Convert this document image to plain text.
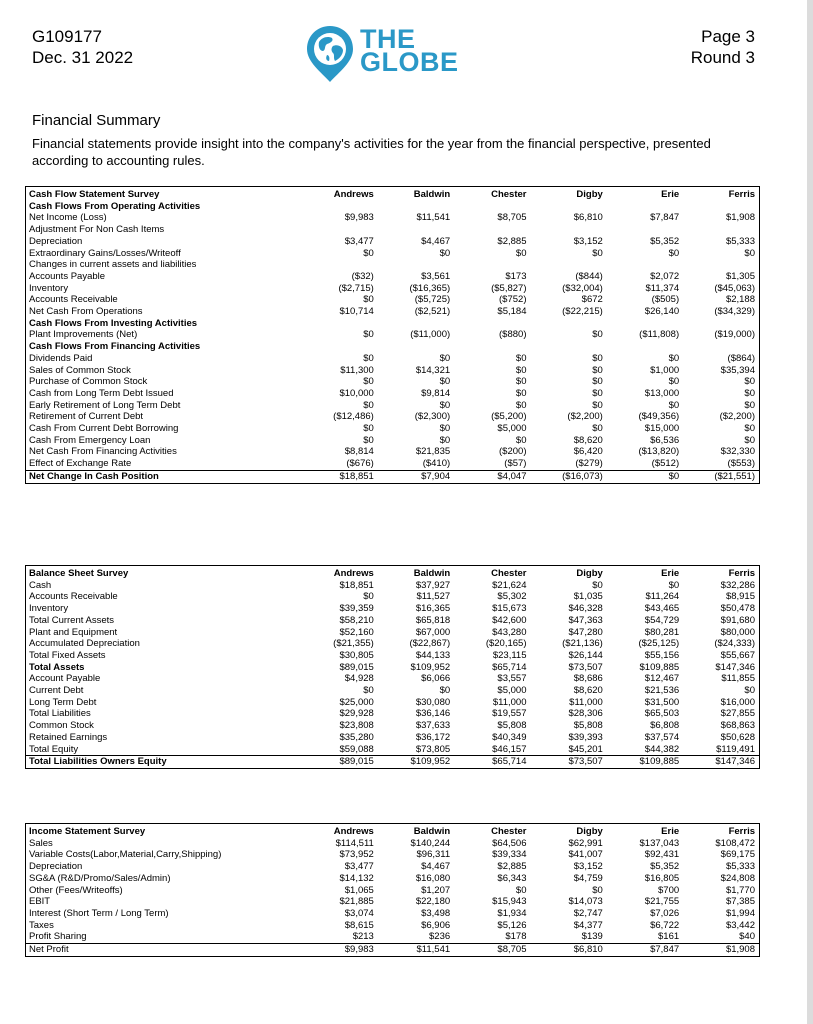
G109177
Dec. 31 2022
THE
GLOBE
Page 3
Round 3
Financial Summary
Financial statements provide insight into the company's activities for the year from the financial perspective, presented according to accounting rules.
Cash Flow Statement Survey	Andrews	Baldwin	Chester	Digby	Erie	Ferris
Cash Flows From Operating Activities						
Net Income (Loss)	$9,983	$11,541	$8,705	$6,810	$7,847	$1,908
Adjustment For Non Cash Items						
Depreciation	$3,477	$4,467	$2,885	$3,152	$5,352	$5,333
Extraordinary Gains/Losses/Writeoff	$0	$0	$0	$0	$0	$0
Changes in current assets and liabilities						
Accounts Payable	($32)	$3,561	$173	($844)	$2,072	$1,305
Inventory	($2,715)	($16,365)	($5,827)	($32,004)	$11,374	($45,063)
Accounts Receivable	$0	($5,725)	($752)	$672	($505)	$2,188
Net Cash From Operations	$10,714	($2,521)	$5,184	($22,215)	$26,140	($34,329)
Cash Flows From Investing Activities						
Plant Improvements (Net)	$0	($11,000)	($880)	$0	($11,808)	($19,000)
Cash Flows From Financing Activities						
Dividends Paid	$0	$0	$0	$0	$0	($864)
Sales of Common Stock	$11,300	$14,321	$0	$0	$1,000	$35,394
Purchase of Common Stock	$0	$0	$0	$0	$0	$0
Cash from Long Term Debt Issued	$10,000	$9,814	$0	$0	$13,000	$0
Early Retirement of Long Term Debt	$0	$0	$0	$0	$0	$0
Retirement of Current Debt	($12,486)	($2,300)	($5,200)	($2,200)	($49,356)	($2,200)
Cash From Current Debt Borrowing	$0	$0	$5,000	$0	$15,000	$0
Cash From Emergency Loan	$0	$0	$0	$8,620	$6,536	$0
Net Cash From Financing Activities	$8,814	$21,835	($200)	$6,420	($13,820)	$32,330
Effect of Exchange Rate	($676)	($410)	($57)	($279)	($512)	($553)
Net Change In Cash Position	$18,851	$7,904	$4,047	($16,073)	$0	($21,551)
Balance Sheet Survey	Andrews	Baldwin	Chester	Digby	Erie	Ferris
Cash	$18,851	$37,927	$21,624	$0	$0	$32,286
Accounts Receivable	$0	$11,527	$5,302	$1,035	$11,264	$8,915
Inventory	$39,359	$16,365	$15,673	$46,328	$43,465	$50,478
Total Current Assets	$58,210	$65,818	$42,600	$47,363	$54,729	$91,680
Plant and Equipment	$52,160	$67,000	$43,280	$47,280	$80,281	$80,000
Accumulated Depreciation	($21,355)	($22,867)	($20,165)	($21,136)	($25,125)	($24,333)
Total Fixed Assets	$30,805	$44,133	$23,115	$26,144	$55,156	$55,667
Total Assets	$89,015	$109,952	$65,714	$73,507	$109,885	$147,346
Account Payable	$4,928	$6,066	$3,557	$8,686	$12,467	$11,855
Current Debt	$0	$0	$5,000	$8,620	$21,536	$0
Long Term Debt	$25,000	$30,080	$11,000	$11,000	$31,500	$16,000
Total Liabilities	$29,928	$36,146	$19,557	$28,306	$65,503	$27,855
Common Stock	$23,808	$37,633	$5,808	$5,808	$6,808	$68,863
Retained Earnings	$35,280	$36,172	$40,349	$39,393	$37,574	$50,628
Total Equity	$59,088	$73,805	$46,157	$45,201	$44,382	$119,491
Total Liabilities Owners Equity	$89,015	$109,952	$65,714	$73,507	$109,885	$147,346
Income Statement Survey	Andrews	Baldwin	Chester	Digby	Erie	Ferris
Sales	$114,511	$140,244	$64,506	$62,991	$137,043	$108,472
Variable Costs(Labor,Material,Carry,Shipping)	$73,952	$96,311	$39,334	$41,007	$92,431	$69,175
Depreciation	$3,477	$4,467	$2,885	$3,152	$5,352	$5,333
SG&A (R&D/Promo/Sales/Admin)	$14,132	$16,080	$6,343	$4,759	$16,805	$24,808
Other (Fees/Writeoffs)	$1,065	$1,207	$0	$0	$700	$1,770
EBIT	$21,885	$22,180	$15,943	$14,073	$21,755	$7,385
Interest (Short Term / Long Term)	$3,074	$3,498	$1,934	$2,747	$7,026	$1,994
Taxes	$8,615	$6,906	$5,126	$4,377	$6,722	$3,442
Profit Sharing	$213	$236	$178	$139	$161	$40
Net Profit	$9,983	$11,541	$8,705	$6,810	$7,847	$1,908
